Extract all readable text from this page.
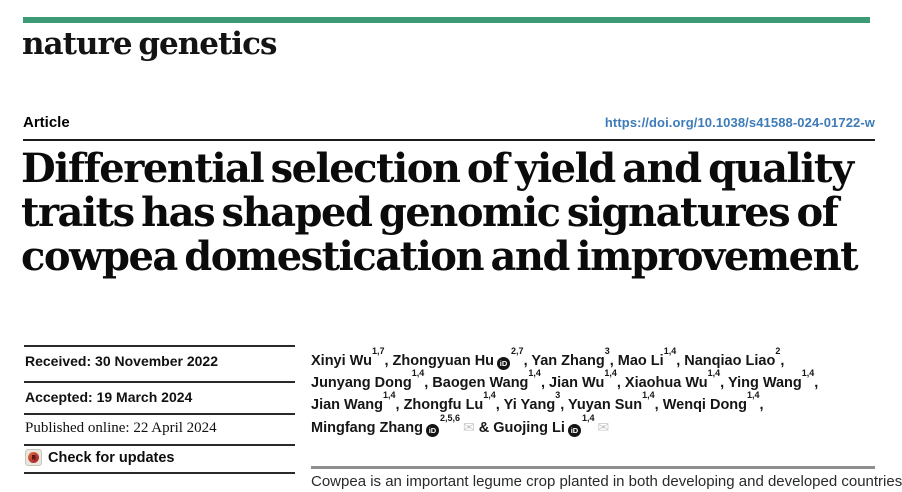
nature genetics
Article	https://doi.org/10.1038/s41588-024-01722-w
Differential selection of yield and quality
traits has shaped genomic signatures of
cowpea domestication and improvement
Received: 30 November 2022
Accepted: 19 March 2024
Published online: 22 April 2024
Check for updates
Xinyi Wu$^{1,7}$, Zhongyuan Hu iD$^{2,7}$, Yan Zhang$^3$, Mao Li$^{1,4}$, Nanqiao Liao$^2$,
Junyang Dong$^{1,4}$, Baogen Wang$^{1,4}$, Jian Wu$^{1,4}$, Xiaohua Wu$^{1,4}$, Ying Wang$^{1,4}$,
Jian Wang$^{1,4}$, Zhongfu Lu$^{1,4}$, Yi Yang$^3$, Yuyan Sun$^{1,4}$, Wenqi Dong$^{1,4}$,
Mingfang Zhang iD$^{2,5,6}$✉ & Guojing Li iD$^{1,4}$✉
Cowpea is an important legume crop planted in both developing and developed countries
